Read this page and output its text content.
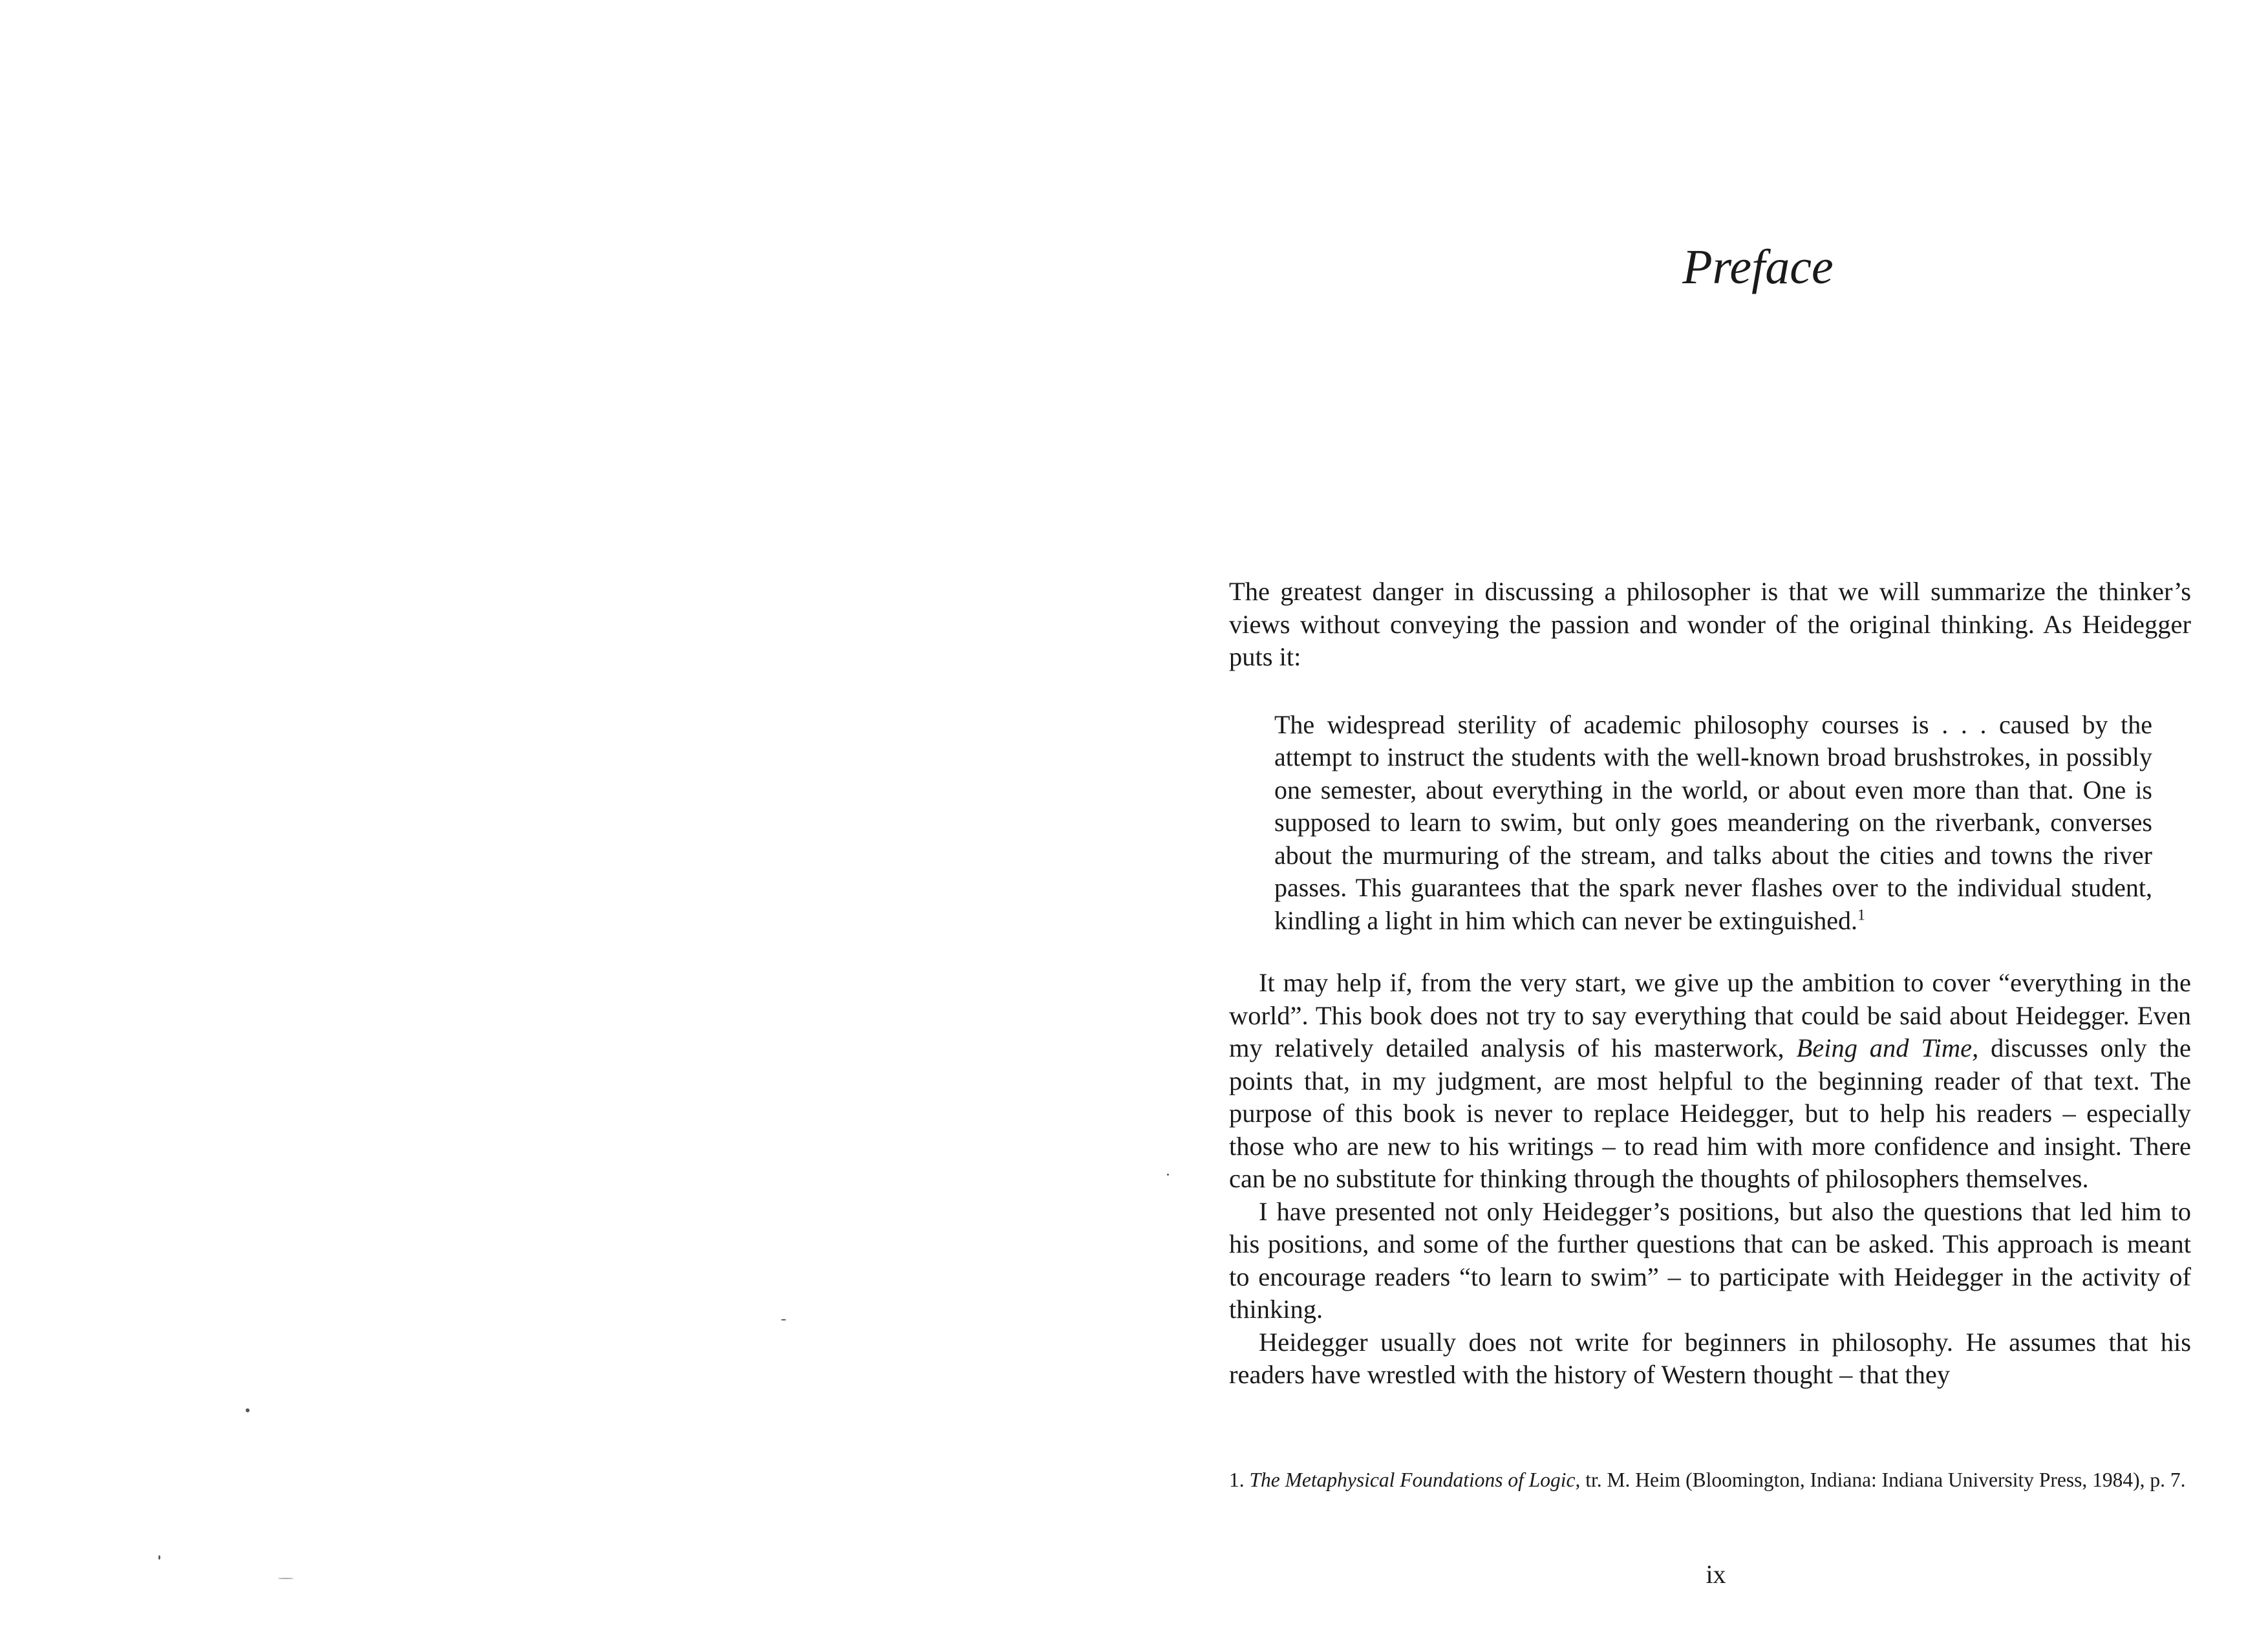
Preface

The greatest danger in discussing a philosopher is that we will summarize the thinker’s views without conveying the passion and wonder of the original thinking. As Heidegger puts it:

The widespread sterility of academic philosophy courses is . . . caused by the attempt to instruct the students with the well-known broad brushstrokes, in possibly one semester, about everything in the world, or about even more than that. One is supposed to learn to swim, but only goes meandering on the riverbank, converses about the murmuring of the stream, and talks about the cities and towns the river passes. This guarantees that the spark never flashes over to the individual student, kindling a light in him which can never be extinguished.$^1$

It may help if, from the very start, we give up the ambition to cover “everything in the world”. This book does not try to say everything that could be said about Heidegger. Even my relatively detailed analysis of his masterwork, Being and Time, discusses only the points that, in my judgment, are most helpful to the beginning reader of that text. The purpose of this book is never to replace Heidegger, but to help his readers – especially those who are new to his writings – to read him with more confidence and insight. There can be no substitute for thinking through the thoughts of philosophers themselves.

I have presented not only Heidegger’s positions, but also the questions that led him to his positions, and some of the further questions that can be asked. This approach is meant to encourage readers “to learn to swim” – to participate with Heidegger in the activity of thinking.

Heidegger usually does not write for beginners in philosophy. He assumes that his readers have wrestled with the history of Western thought – that they

1. The Metaphysical Foundations of Logic, tr. M. Heim (Bloomington, Indiana: Indiana University Press, 1984), p. 7.

ix
